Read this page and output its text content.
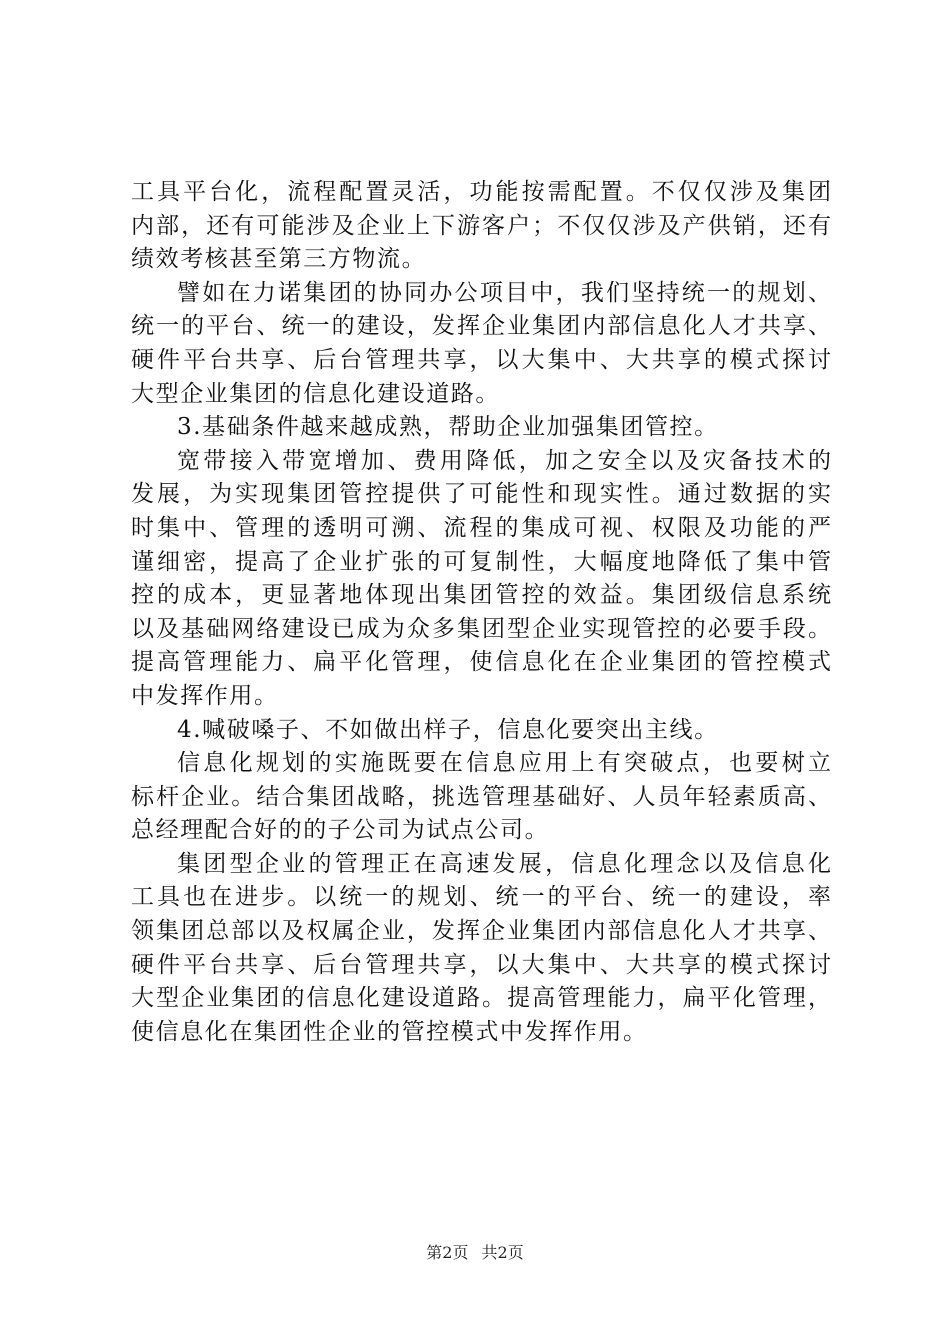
工具平台化，流程配置灵活，功能按需配置。不仅仅涉及集团
内部，还有可能涉及企业上下游客户；不仅仅涉及产供销，还有
绩效考核甚至第三方物流。
譬如在力诺集团的协同办公项目中，我们坚持统一的规划、
统一的平台、统一的建设，发挥企业集团内部信息化人才共享、
硬件平台共享、后台管理共享，以大集中、大共享的模式探讨
大型企业集团的信息化建设道路。
3.基础条件越来越成熟，帮助企业加强集团管控。
宽带接入带宽增加、费用降低，加之安全以及灾备技术的
发展，为实现集团管控提供了可能性和现实性。通过数据的实
时集中、管理的透明可溯、流程的集成可视、权限及功能的严
谨细密，提高了企业扩张的可复制性，大幅度地降低了集中管
控的成本，更显著地体现出集团管控的效益。集团级信息系统
以及基础网络建设已成为众多集团型企业实现管控的必要手段。
提高管理能力、扁平化管理，使信息化在企业集团的管控模式
中发挥作用。
4.喊破嗓子、不如做出样子，信息化要突出主线。
信息化规划的实施既要在信息应用上有突破点，也要树立
标杆企业。结合集团战略，挑选管理基础好、人员年轻素质高、
总经理配合好的的子公司为试点公司。
集团型企业的管理正在高速发展，信息化理念以及信息化
工具也在进步。以统一的规划、统一的平台、统一的建设，率
领集团总部以及权属企业，发挥企业集团内部信息化人才共享、
硬件平台共享、后台管理共享，以大集中、大共享的模式探讨
大型企业集团的信息化建设道路。提高管理能力，扁平化管理，
使信息化在集团性企业的管控模式中发挥作用。
第2页 共2页
